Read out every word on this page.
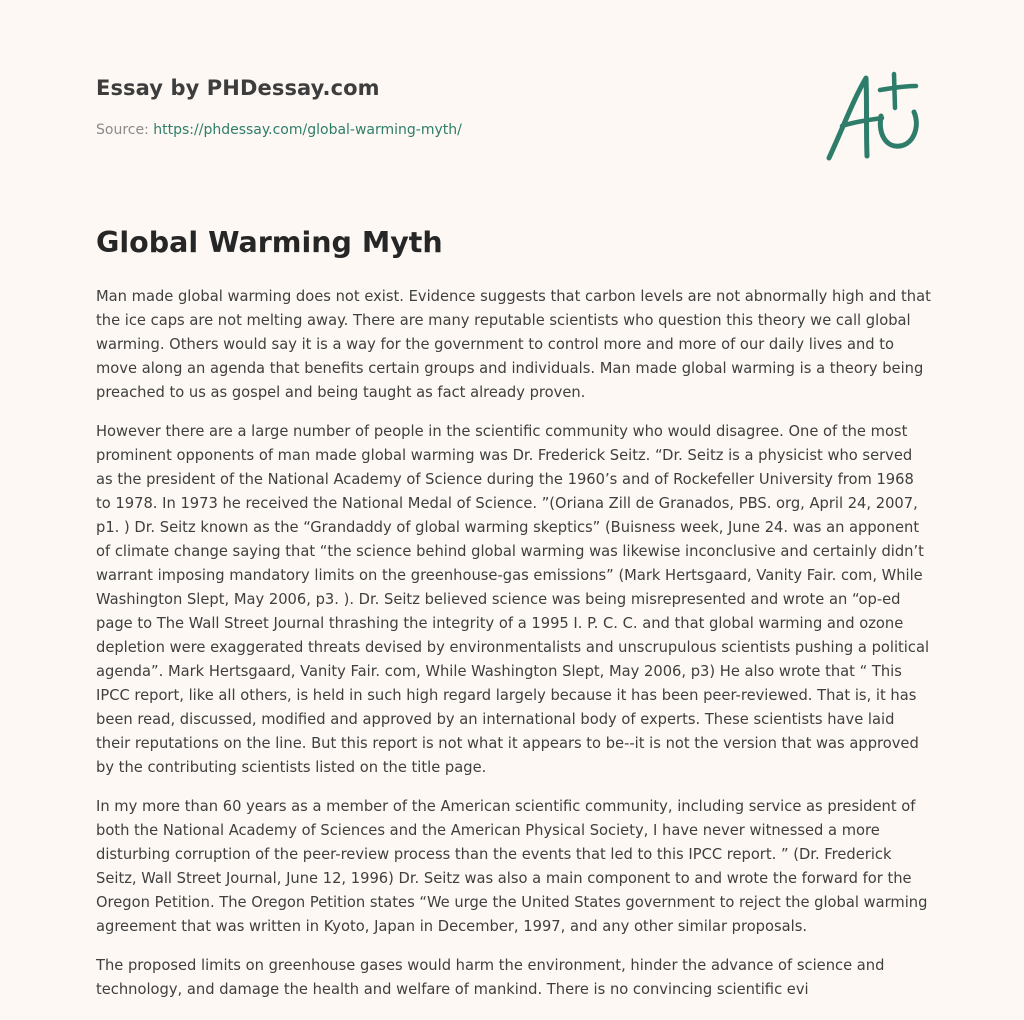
Essay by PHDessay.com
Source: https://phdessay.com/global-warming-myth/
Global Warming Myth

Man made global warming does not exist. Evidence suggests that carbon levels are not abnormally high and that the ice caps are not melting away. There are many reputable scientists who question this theory we call global warming. Others would say it is a way for the government to control more and more of our daily lives and to move along an agenda that benefits certain groups and individuals. Man made global warming is a theory being preached to us as gospel and being taught as fact already proven.

However there are a large number of people in the scientific community who would disagree. One of the most prominent opponents of man made global warming was Dr. Frederick Seitz. “Dr. Seitz is a physicist who served as the president of the National Academy of Science during the 1960’s and of Rockefeller University from 1968 to 1978. In 1973 he received the National Medal of Science. ”(Oriana Zill de Granados, PBS. org, April 24, 2007, p1. ) Dr. Seitz known as the “Grandaddy of global warming skeptics” (Buisness week, June 24. was an apponent of climate change saying that “the science behind global warming was likewise inconclusive and certainly didn’t warrant imposing mandatory limits on the greenhouse-gas emissions” (Mark Hertsgaard, Vanity Fair. com, While Washington Slept, May 2006, p3. ). Dr. Seitz believed science was being misrepresented and wrote an “op-ed page to The Wall Street Journal thrashing the integrity of a 1995 I. P. C. C. and that global warming and ozone depletion were exaggerated threats devised by environmentalists and unscrupulous scientists pushing a political agenda”. Mark Hertsgaard, Vanity Fair. com, While Washington Slept, May 2006, p3) He also wrote that “ This IPCC report, like all others, is held in such high regard largely because it has been peer-reviewed. That is, it has been read, discussed, modified and approved by an international body of experts. These scientists have laid their reputations on the line. But this report is not what it appears to be--it is not the version that was approved by the contributing scientists listed on the title page.

In my more than 60 years as a member of the American scientific community, including service as president of both the National Academy of Sciences and the American Physical Society, I have never witnessed a more disturbing corruption of the peer-review process than the events that led to this IPCC report. ” (Dr. Frederick Seitz, Wall Street Journal, June 12, 1996) Dr. Seitz was also a main component to and wrote the forward for the Oregon Petition. The Oregon Petition states “We urge the United States government to reject the global warming agreement that was written in Kyoto, Japan in December, 1997, and any other similar proposals.

The proposed limits on greenhouse gases would harm the environment, hinder the advance of science and technology, and damage the health and welfare of mankind. There is no convincing scientific evi
